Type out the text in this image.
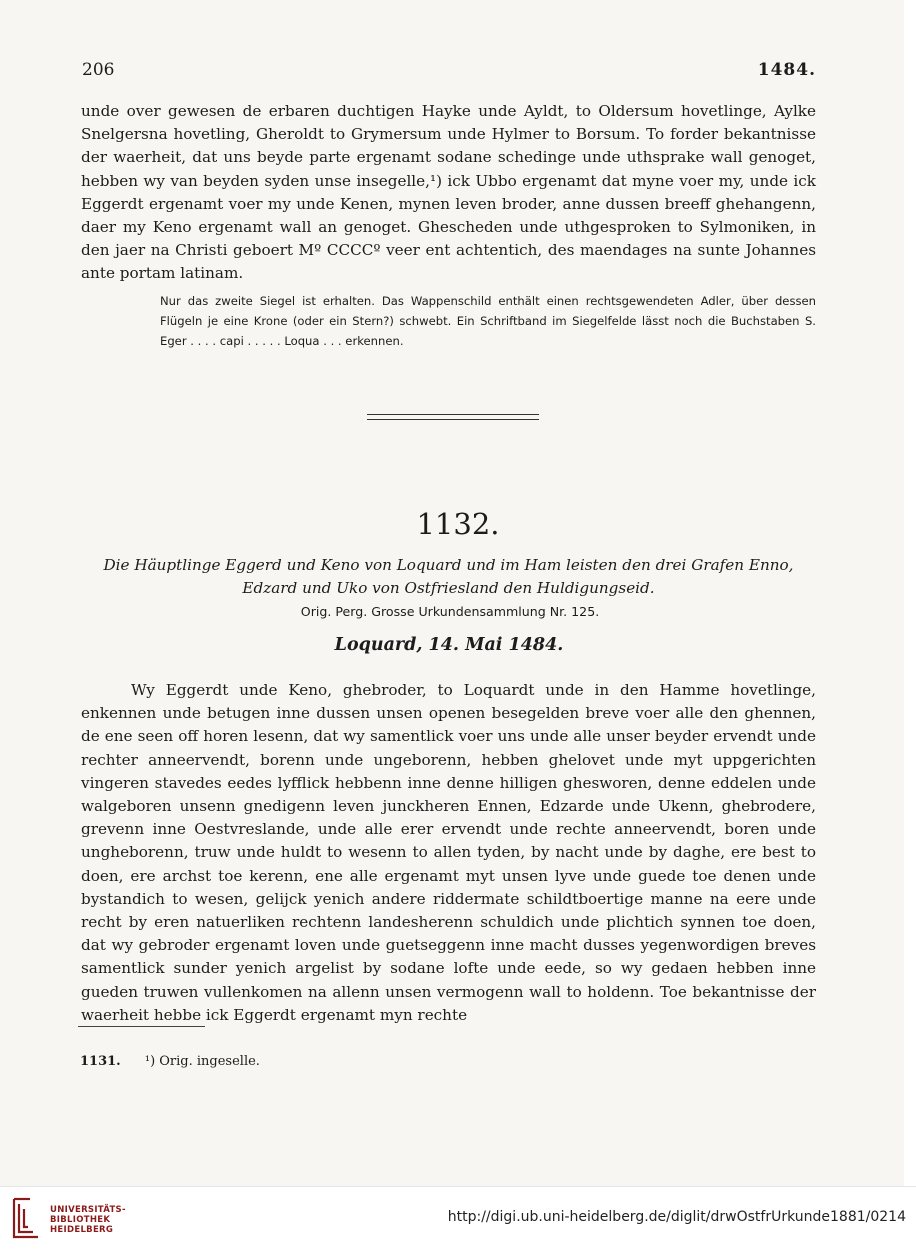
206	1484.

unde over gewesen de erbaren duchtigen Hayke unde Ayldt, to Oldersum hovetlinge, Aylke Snelgersna hovetling, Gheroldt to Grymersum unde Hylmer to Borsum. To forder bekantnisse der waerheit, dat uns beyde parte ergenamt sodane schedinge unde uthsprake wall genoget, hebben wy van beyden syden unse insegelle,¹) ick Ubbo ergenamt dat myne voer my, unde ick Eggerdt ergenamt voer my unde Kenen, mynen leven broder, anne dussen breeff ghehangenn, daer my Keno ergenamt wall an genoget. Ghescheden unde uthgesproken to Sylmoniken, in den jaer na Christi geboert Mº CCCCº veer ent achtentich, des maendages na sunte Johannes ante portam latinam.

Nur das zweite Siegel ist erhalten. Das Wappenschild enthält einen rechtsgewendeten Adler, über dessen Flügeln je eine Krone (oder ein Stern?) schwebt. Ein Schriftband im Siegelfelde lässt noch die Buchstaben S. Eger . . . . capi . . . . . Loqua . . . erkennen.
1132.
Die Häuptlinge Eggerd und Keno von Loquard und im Ham leisten den drei Grafen Enno, Edzard und Uko von Ostfriesland den Huldigungseid.
Orig. Perg. Grosse Urkundensammlung Nr. 125.
Loquard, 14. Mai 1484.
Wy Eggerdt unde Keno, ghebroder, to Loquardt unde in den Hamme hovetlinge, enkennen unde betugen inne dussen unsen openen besegelden breve voer alle den ghennen, de ene seen off horen lesenn, dat wy samentlick voer uns unde alle unser beyder ervendt unde rechter anneervendt, borenn unde ungeborenn, hebben ghelovet unde myt uppgerichten vingeren stavedes eedes lyfflick hebbenn inne denne hilligen ghesworen, denne eddelen unde walgeboren unsenn gnedigenn leven junckheren Ennen, Edzarde unde Ukenn, ghebrodere, grevenn inne Oestvreslande, unde alle erer ervendt unde rechte anneervendt, boren unde ungheborenn, truw unde huldt to wesenn to allen tyden, by nacht unde by daghe, ere best to doen, ere archst toe kerenn, ene alle ergenamt myt unsen lyve unde guede toe denen unde bystandich to wesen, gelijck yenich andere riddermate schildtboertige manne na eere unde recht by eren natuerliken rechtenn landesherenn schuldich unde plichtich synnen toe doen, dat wy gebroder ergenamt loven unde guetseggenn inne macht dusses yegenwordigen breves samentlick sunder yenich argelist by sodane lofte unde eede, so wy gedaen hebben inne gueden truwen vullenkomen na allenn unsen vermogenn wall to holdenn. Toe bekantnisse der waerheit hebbe ick Eggerdt ergenamt myn rechte
1131. ¹) Orig. ingeselle.
UNIVERSITÄTS-
BIBLIOTHEK
HEIDELBERG
http://digi.ub.uni-heidelberg.de/diglit/drwOstfrUrkunde1881/0214
